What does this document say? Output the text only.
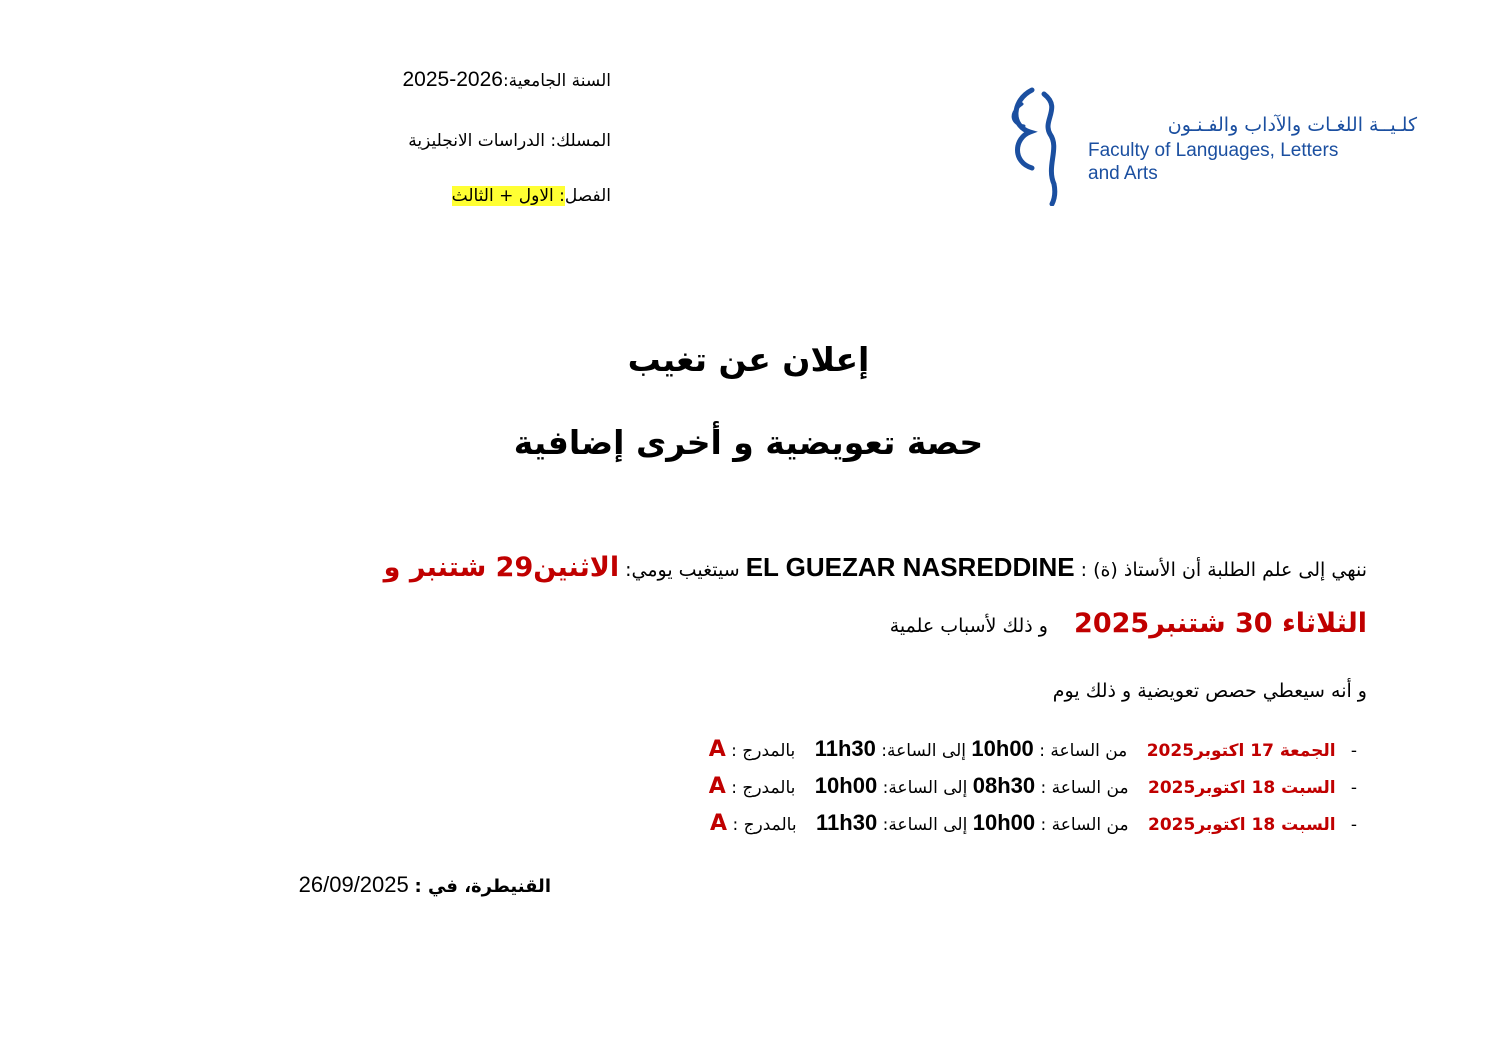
السنة الجامعية:2025-2026
المسلك: الدراسات الانجليزية
الفصل: الاول + الثالث
كلـيــة اللغـات والآداب والفـنـون
Faculty of Languages, Letters
and Arts
إعلان عن تغيب
حصة تعويضية و أخرى إضافية
ننهي إلى علم الطلبة أن الأستاذ (ة) : EL GUEZAR NASREDDINE سيتغيب يومي: الاثنين29 شتنبر و
الثلاثاء 30 شتنبر2025  و ذلك لأسباب علمية
و أنه سيعطي حصص تعويضية و ذلك يوم
- الجمعة 17 اكتوبر2025 من الساعة : 10h00 إلى الساعة: 11h30 بالمدرج : A
- السبت 18 اكتوبر2025 من الساعة : 08h30 إلى الساعة: 10h00 بالمدرج : A
- السبت 18 اكتوبر2025 من الساعة : 10h00 إلى الساعة: 11h30 بالمدرج : A
القنيطرة، في : 26/09/2025
